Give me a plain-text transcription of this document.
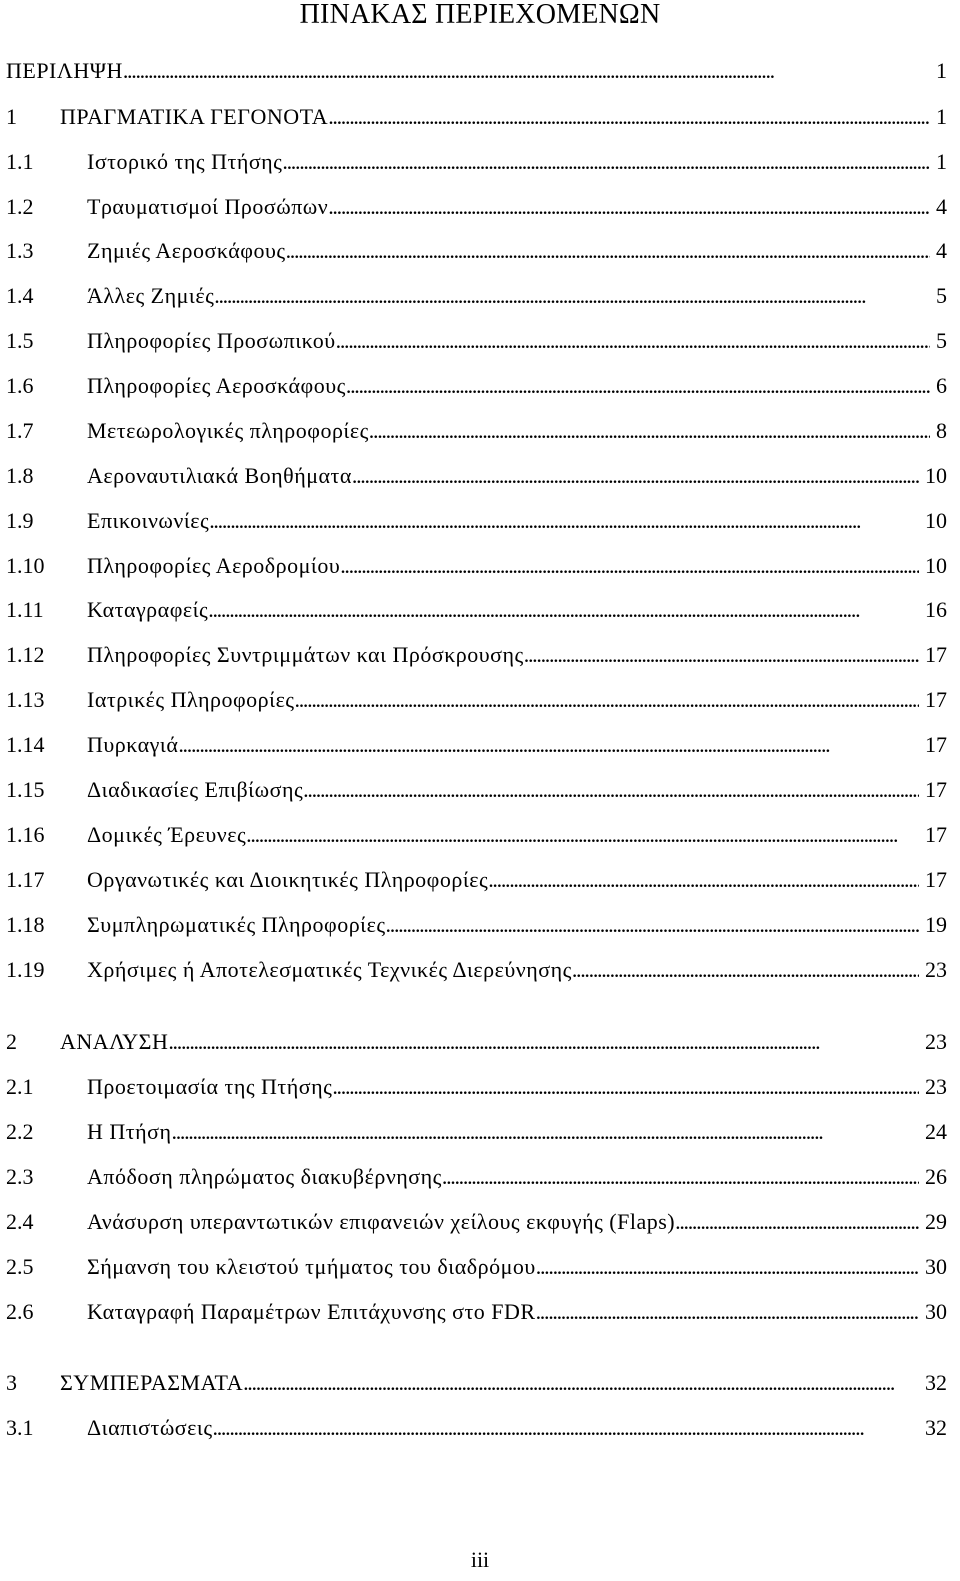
ΠΙΝΑΚΑΣ ΠΕΡΙΕΧΟΜΕΝΩΝ
ΠΕΡΙΛΗΨΗ . . .	1
1	ΠΡΑΓΜΑΤΙΚΑ ΓΕΓΟΝΟΤΑ . . .	1
1.1	Ιστορικό της Πτήσης . . .	1
1.2	Τραυματισμοί Προσώπων . . .	4
1.3	Ζημιές Αεροσκάφους . . .	4
1.4	Άλλες Ζημιές . . .	5
1.5	Πληροφορίες Προσωπικού . . .	5
1.6	Πληροφορίες Αεροσκάφους . . .	6
1.7	Μετεωρολογικές πληροφορίες . . .	8
1.8	Αεροναυτιλιακά Βοηθήματα . . .	10
1.9	Επικοινωνίες . . .	10
1.10	Πληροφορίες Αεροδρομίου . . .	10
1.11	Καταγραφείς . . .	16
1.12	Πληροφορίες Συντριμμάτων και Πρόσκρουσης . . .	17
1.13	Ιατρικές Πληροφορίες . . .	17
1.14	Πυρκαγιά . . .	17
1.15	Διαδικασίες Επιβίωσης . . .	17
1.16	Δομικές Έρευνες . . .	17
1.17	Οργανωτικές και Διοικητικές Πληροφορίες . . .	17
1.18	Συμπληρωματικές Πληροφορίες . . .	19
1.19	Χρήσιμες ή Αποτελεσματικές Τεχνικές Διερεύνησης . . .	23
2	ΑΝΑΛΥΣΗ . . .	23
2.1	Προετοιμασία της Πτήσης . . .	23
2.2	Η Πτήση . . .	24
2.3	Απόδοση πληρώματος διακυβέρνησης . . .	26
2.4	Ανάσυρση υπεραντωτικών επιφανειών χείλους εκφυγής (Flaps) . . .	29
2.5	Σήμανση του κλειστού τμήματος του διαδρόμου . . .	30
2.6	Καταγραφή Παραμέτρων Επιτάχυνσης στο FDR . . .	30
3	ΣΥΜΠΕΡΑΣΜΑΤΑ . . .	32
3.1	Διαπιστώσεις . . .	32
iii
